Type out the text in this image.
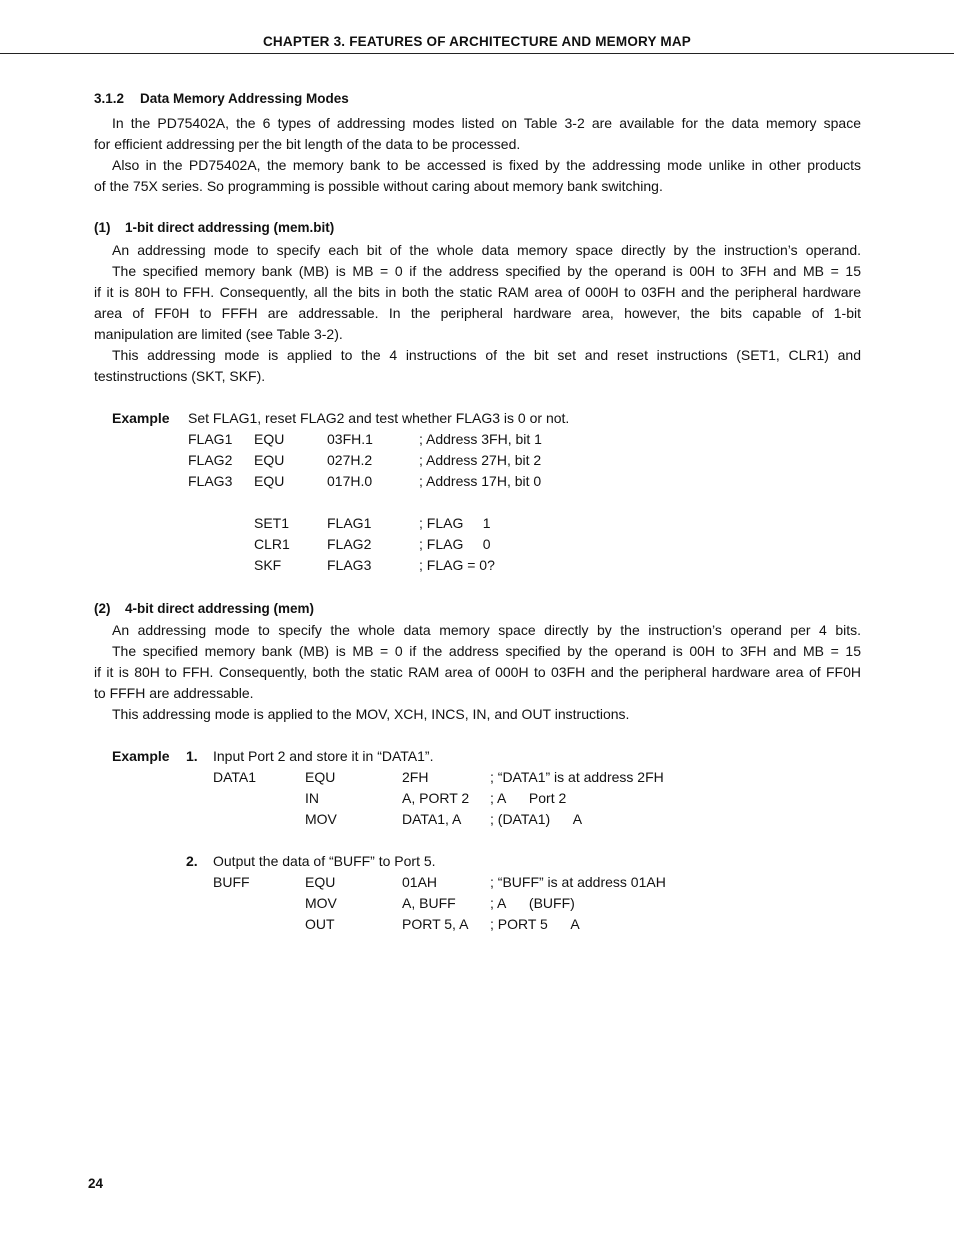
CHAPTER 3. FEATURES OF ARCHITECTURE AND MEMORY MAP
3.1.2 Data Memory Addressing Modes
In the PD75402A, the 6 types of addressing modes listed on Table 3-2 are available for the data memory space
for efficient addressing per the bit length of the data to be processed.
Also in the PD75402A, the memory bank to be accessed is fixed by the addressing mode unlike in other products
of the 75X series. So programming is possible without caring about memory bank switching.
(1) 1-bit direct addressing (mem.bit)
An addressing mode to specify each bit of the whole data memory space directly by the instruction’s operand.
The specified memory bank (MB) is MB = 0 if the address specified by the operand is 00H to 3FH and MB = 15
if it is 80H to FFH. Consequently, all the bits in both the static RAM area of 000H to 03FH and the peripheral hardware
area of FF0H to FFFH are addressable. In the peripheral hardware area, however, the bits capable of 1-bit
manipulation are limited (see Table 3-2).
This addressing mode is applied to the 4 instructions of the bit set and reset instructions (SET1, CLR1) and
testinstructions (SKT, SKF).
Example Set FLAG1, reset FLAG2 and test whether FLAG3 is 0 or not.
FLAG1 EQU	03FH.1	; Address 3FH, bit 1
FLAG2 EQU	027H.2	; Address 27H, bit 2
FLAG3 EQU	017H.0	; Address 17H, bit 0
SET1	FLAG1	; FLAG     1
CLR1	FLAG2	; FLAG     0
SKF	FLAG3	; FLAG = 0?
(2) 4-bit direct addressing (mem)
An addressing mode to specify the whole data memory space directly by the instruction’s operand per 4 bits.
The specified memory bank (MB) is MB = 0 if the address specified by the operand is 00H to 3FH and MB = 15
if it is 80H to FFH. Consequently, both the static RAM area of 000H to 03FH and the peripheral hardware area of FF0H
to FFFH are addressable.
This addressing mode is applied to the MOV, XCH, INCS, IN, and OUT instructions.
Example 1. Input Port 2 and store it in “DATA1”.
DATA1	EQU	2FH	; “DATA1” is at address 2FH
IN	A, PORT 2 ; A      Port 2
MOV	DATA1, A ; (DATA1)      A
2. Output the data of “BUFF” to Port 5.
BUFF	EQU	01AH	; “BUFF” is at address 01AH
MOV	A, BUFF ; A      (BUFF)
OUT	PORT 5, A ; PORT 5      A
24
